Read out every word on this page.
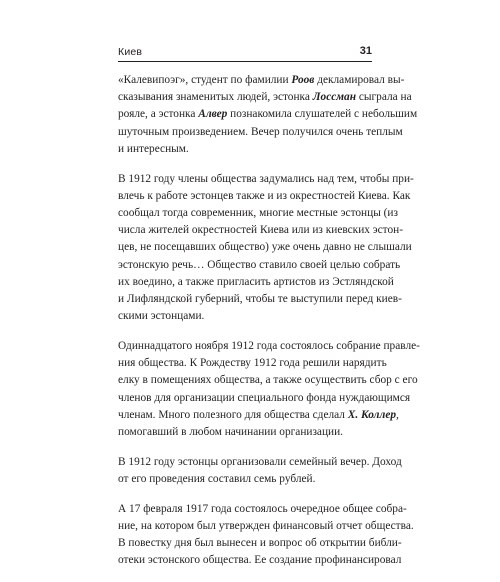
Киев	31

«Калевипоэг», студент по фамилии Роов декламировал вы-
сказывания знаменитых людей, эстонка Лоссман сыграла на
рояле, а эстонка Алвер познакомила слушателей с небольшим
шуточным произведением. Вечер получился очень теплым
и интересным.

В 1912 году члены общества задумались над тем, чтобы при-
влечь к работе эстонцев также и из окрестностей Киева. Как
сообщал тогда современник, многие местные эстонцы (из
числа жителей окрестностей Киева или из киевских эстон-
цев, не посещавших общество) уже очень давно не слышали
эстонскую речь… Общество ставило своей целью собрать
их воедино, а также пригласить артистов из Эстляндской
и Лифляндской губерний, чтобы те выступили перед киев-
скими эстонцами.

Одиннадцатого ноября 1912 года состоялось собрание правле-
ния общества. К Рождеству 1912 года решили нарядить
елку в помещениях общества, а также осуществить сбор с его
членов для организации специального фонда нуждающимся
членам. Много полезного для общества сделал Х. Коллер,
помогавший в любом начинании организации.

В 1912 году эстонцы организовали семейный вечер. Доход
от его проведения составил семь рублей.

А 17 февраля 1917 года состоялось очередное общее собра-
ние, на котором был утвержден финансовый отчет общества.
В повестку дня был вынесен и вопрос об открытии библи-
отеки эстонского общества. Ее создание профинансировал
